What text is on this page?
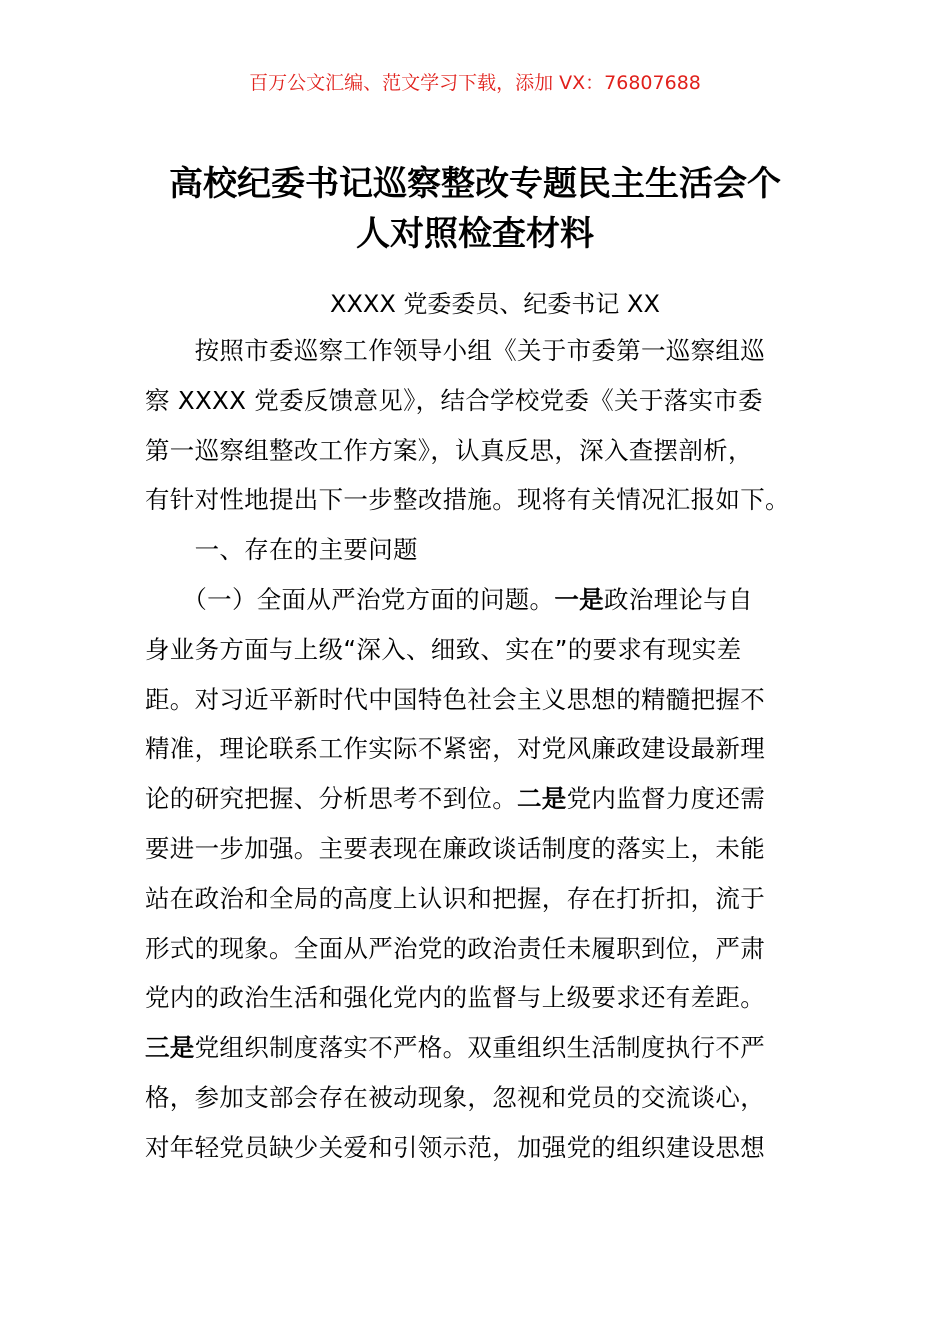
百万公文汇编、范文学习下载，添加 VX：76807688
高校纪委书记巡察整改专题民主生活会个
人对照检查材料
XXXX 党委委员、纪委书记 XX
　　按照市委巡察工作领导小组《关于市委第一巡察组巡
察 XXXX 党委反馈意见》，结合学校党委《关于落实市委
第一巡察组整改工作方案》，认真反思，深入查摆剖析，
有针对性地提出下一步整改措施。现将有关情况汇报如下。
　　一、存在的主要问题
　　（一）全面从严治党方面的问题。一是政治理论与自
身业务方面与上级“深入、细致、实在”的要求有现实差
距。对习近平新时代中国特色社会主义思想的精髓把握不
精准，理论联系工作实际不紧密，对党风廉政建设最新理
论的研究把握、分析思考不到位。二是党内监督力度还需
要进一步加强。主要表现在廉政谈话制度的落实上，未能
站在政治和全局的高度上认识和把握，存在打折扣，流于
形式的现象。全面从严治党的政治责任未履职到位，严肃
党内的政治生活和强化党内的监督与上级要求还有差距。
三是党组织制度落实不严格。双重组织生活制度执行不严
格，参加支部会存在被动现象，忽视和党员的交流谈心，
对年轻党员缺少关爱和引领示范，加强党的组织建设思想
